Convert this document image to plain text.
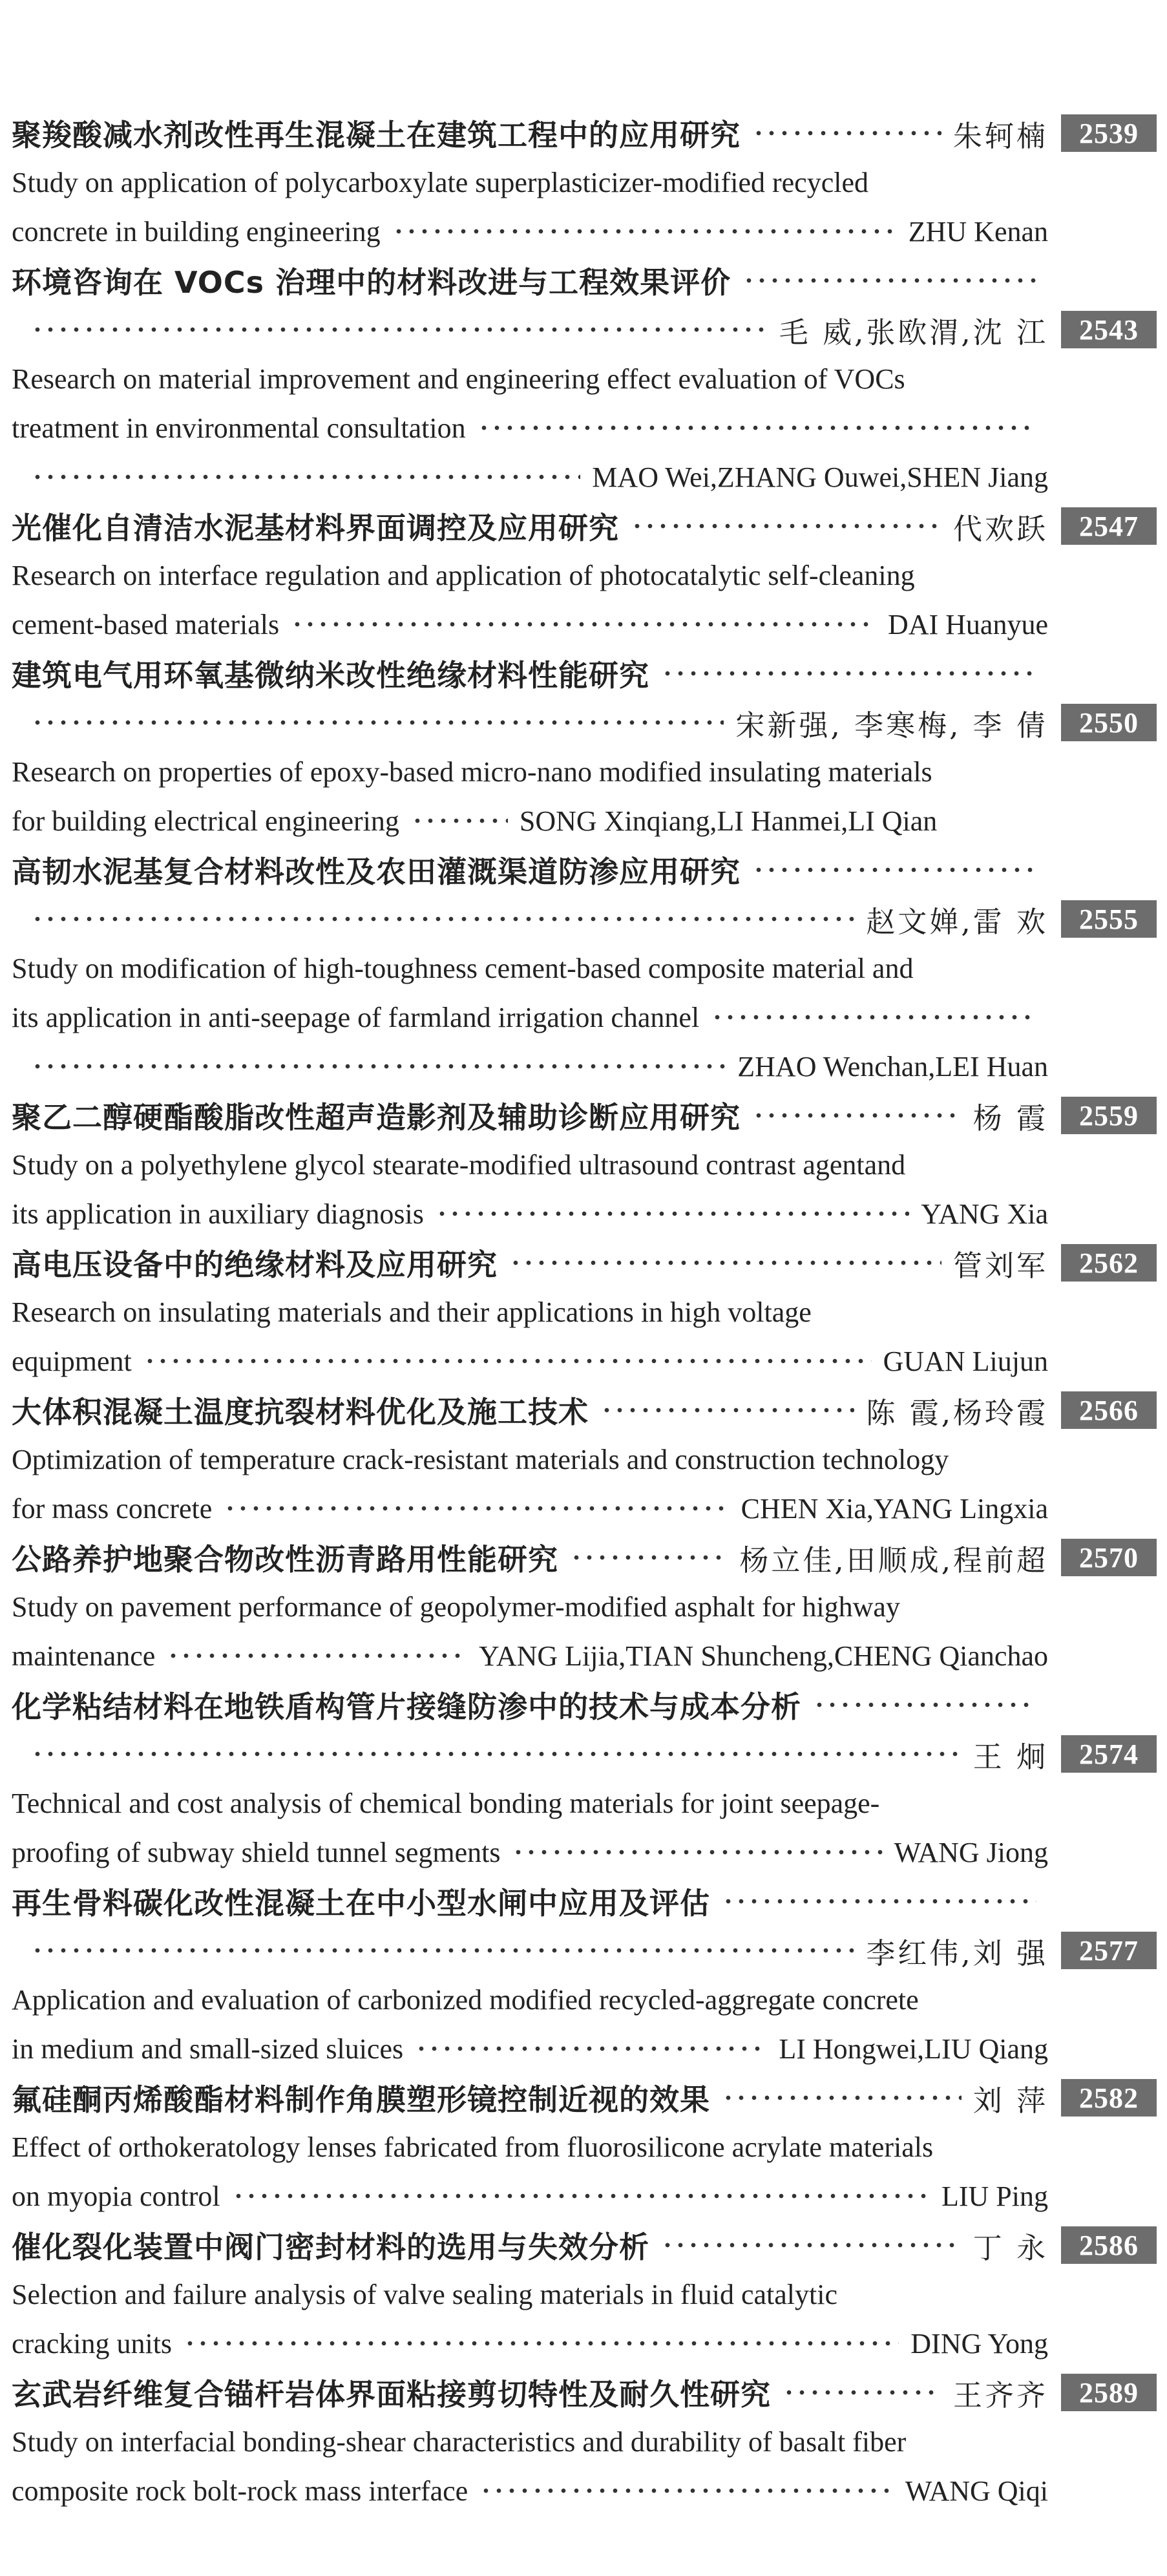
聚羧酸减水剂改性再生混凝土在建筑工程中的应用研究	朱轲楠	2539
Study on application of polycarboxylate superplasticizer-modified recycled
concrete in building engineering	ZHU Kenan
环境咨询在 VOCs 治理中的材料改进与工程效果评价
毛 威,张欧渭,沈 江	2543
Research on material improvement and engineering effect evaluation of VOCs
treatment in environmental consultation
MAO Wei,ZHANG Ouwei,SHEN Jiang
光催化自清洁水泥基材料界面调控及应用研究	代欢跃	2547
Research on interface regulation and application of photocatalytic self-cleaning
cement-based materials	DAI Huanyue
建筑电气用环氧基微纳米改性绝缘材料性能研究
宋新强, 李寒梅, 李 倩	2550
Research on properties of epoxy-based micro-nano modified insulating materials
for building electrical engineering	SONG Xinqiang,LI Hanmei,LI Qian
高韧水泥基复合材料改性及农田灌溉渠道防渗应用研究
赵文婵,雷 欢	2555
Study on modification of high-toughness cement-based composite material and
its application in anti-seepage of farmland irrigation channel
ZHAO Wenchan,LEI Huan
聚乙二醇硬酯酸脂改性超声造影剂及辅助诊断应用研究	杨 霞	2559
Study on a polyethylene glycol stearate-modified ultrasound contrast agentand
its application in auxiliary diagnosis	YANG Xia
高电压设备中的绝缘材料及应用研究	管刘军	2562
Research on insulating materials and their applications in high voltage
equipment	GUAN Liujun
大体积混凝土温度抗裂材料优化及施工技术	陈 霞,杨玲霞	2566
Optimization of temperature crack-resistant materials and construction technology
for mass concrete	CHEN Xia,YANG Lingxia
公路养护地聚合物改性沥青路用性能研究	杨立佳,田顺成,程前超	2570
Study on pavement performance of geopolymer-modified asphalt for highway
maintenance	YANG Lijia,TIAN Shuncheng,CHENG Qianchao
化学粘结材料在地铁盾构管片接缝防渗中的技术与成本分析
王 炯	2574
Technical and cost analysis of chemical bonding materials for joint seepage-
proofing of subway shield tunnel segments	WANG Jiong
再生骨料碳化改性混凝土在中小型水闸中应用及评估
李红伟,刘 强	2577
Application and evaluation of carbonized modified recycled-aggregate concrete
in medium and small-sized sluices	LI Hongwei,LIU Qiang
氟硅酮丙烯酸酯材料制作角膜塑形镜控制近视的效果	刘 萍	2582
Effect of orthokeratology lenses fabricated from fluorosilicone acrylate materials
on myopia control	LIU Ping
催化裂化装置中阀门密封材料的选用与失效分析	丁 永	2586
Selection and failure analysis of valve sealing materials in fluid catalytic
cracking units	DING Yong
玄武岩纤维复合锚杆岩体界面粘接剪切特性及耐久性研究	王齐齐	2589
Study on interfacial bonding-shear characteristics and durability of basalt fiber
composite rock bolt-rock mass interface	WANG Qiqi
